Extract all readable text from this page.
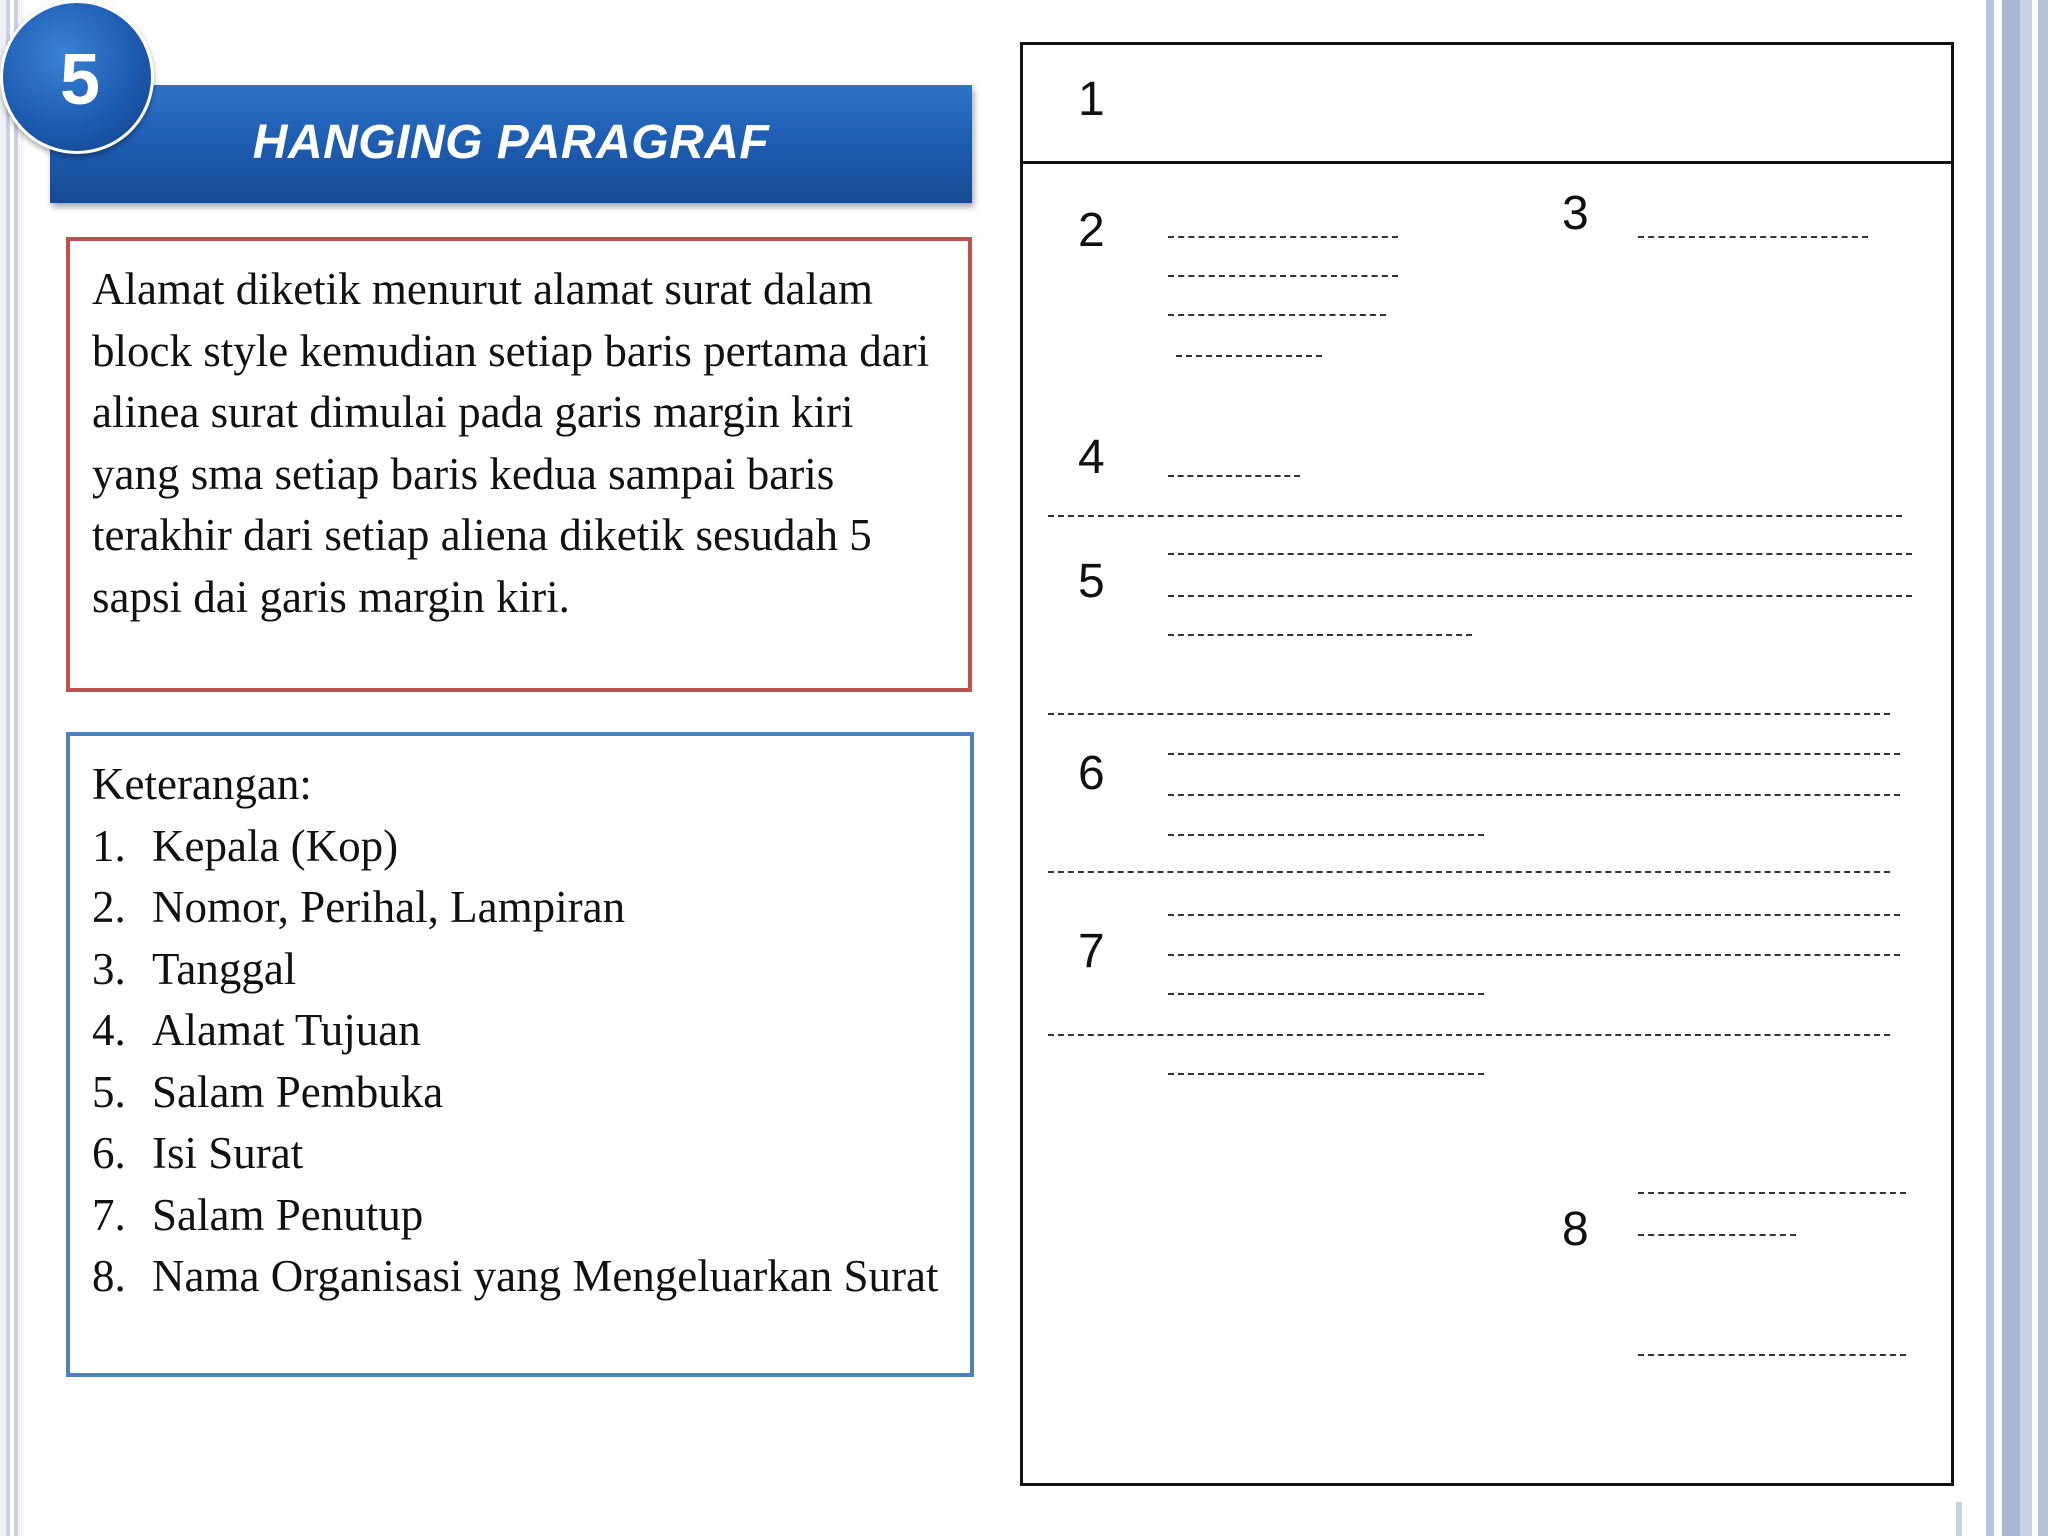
HANGING PARAGRAF
5

Alamat diketik menurut alamat surat dalam block style kemudian setiap baris pertama dari alinea surat dimulai pada garis margin kiri yang sma setiap baris kedua sampai baris terakhir dari setiap aliena diketik sesudah 5 sapsi dai garis margin kiri.

Keterangan:
1. Kepala (Kop)
2. Nomor, Perihal, Lampiran
3. Tanggal
4. Alamat Tujuan
5. Salam Pembuka
6. Isi Surat
7. Salam Penutup
8. Nama Organisasi yang Mengeluarkan Surat
1
2	3
4
5
6
7
8
